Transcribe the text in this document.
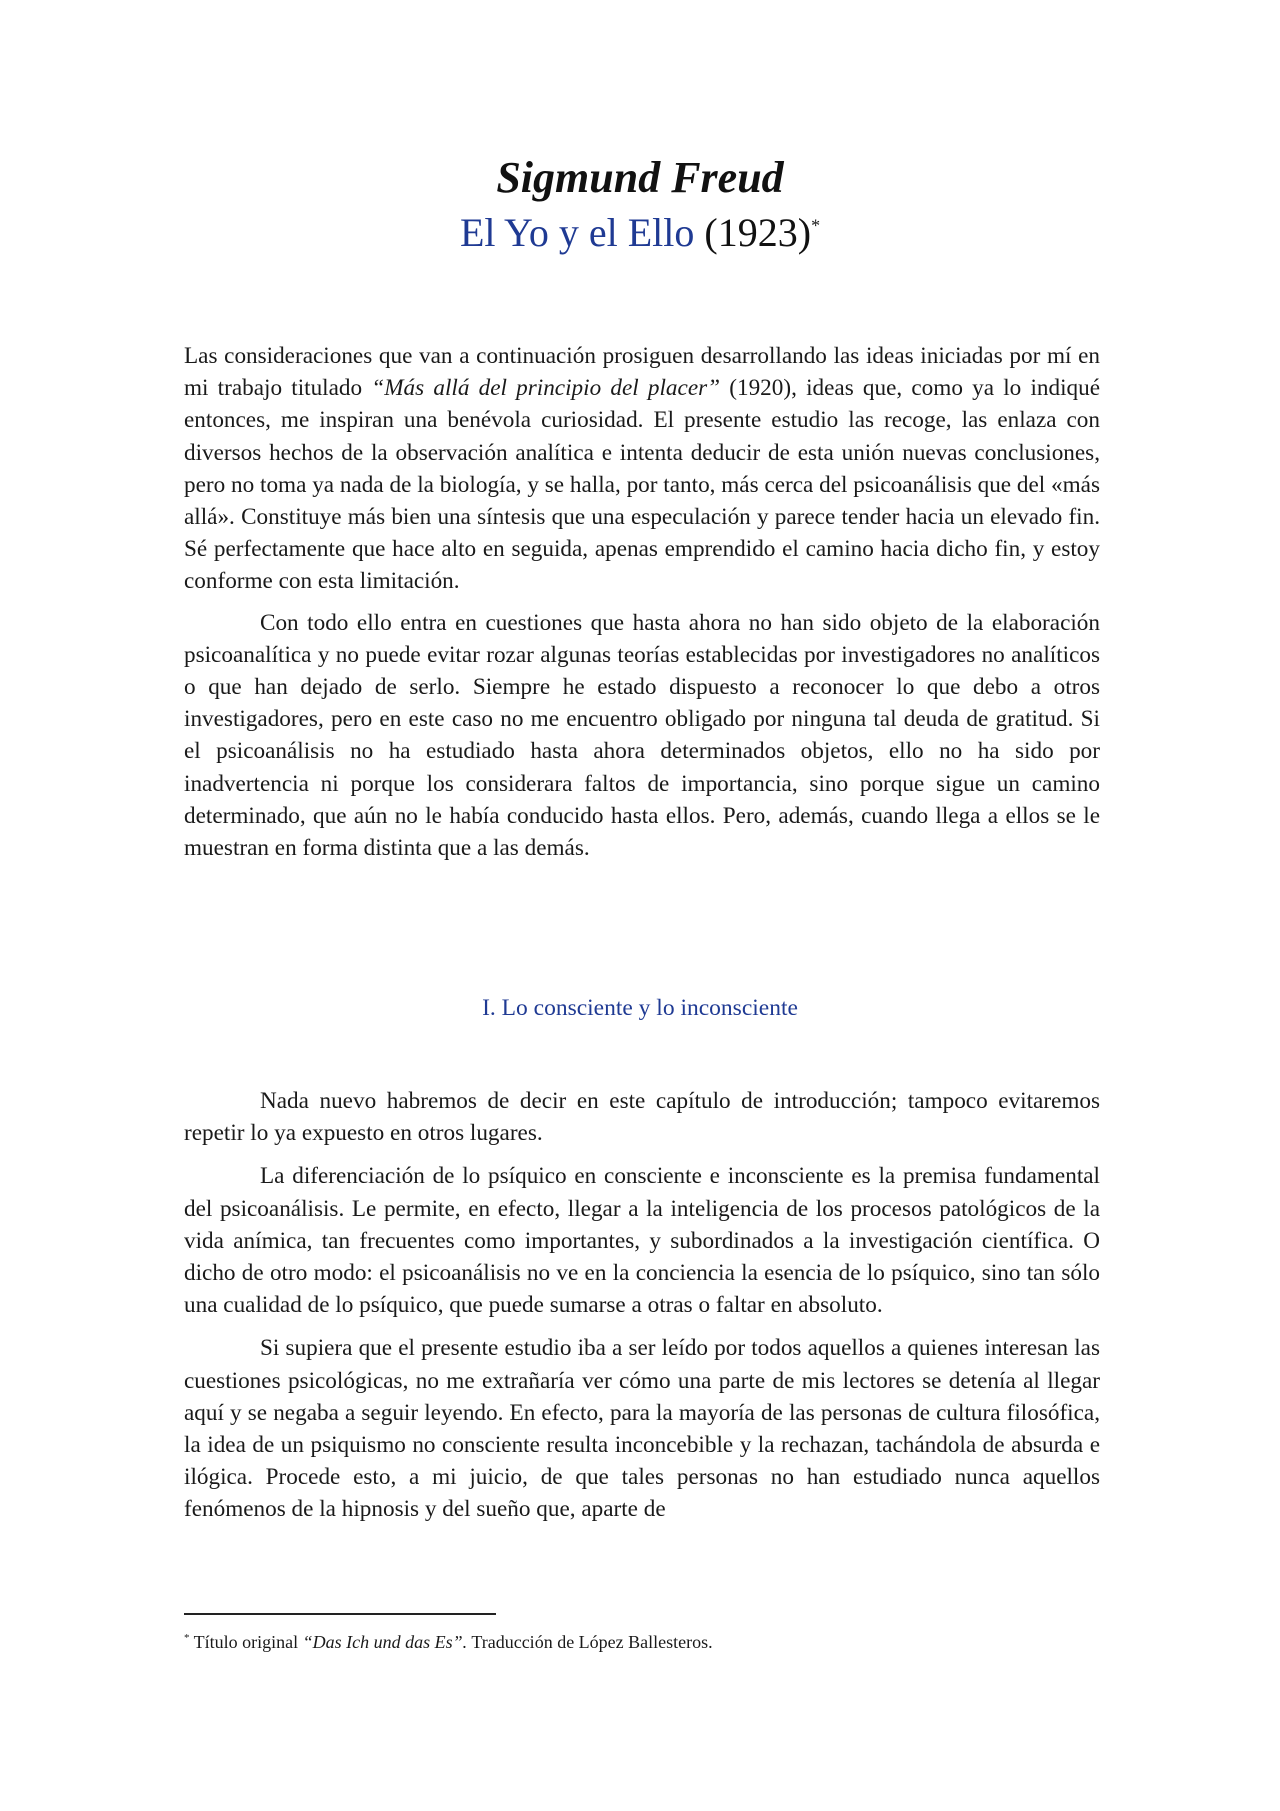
Sigmund Freud
El Yo y el Ello (1923)*

Las consideraciones que van a continuación prosiguen desarrollando las ideas iniciadas por mí en mi trabajo titulado “Más allá del principio del placer” (1920), ideas que, como ya lo indiqué entonces, me inspiran una benévola curiosidad. El presente estudio las recoge, las enlaza con diversos hechos de la observación analítica e intenta deducir de esta unión nuevas conclusiones, pero no toma ya nada de la biología, y se halla, por tanto, más cerca del psicoanálisis que del «más allá». Constituye más bien una síntesis que una especulación y parece tender hacia un elevado fin. Sé perfectamente que hace alto en seguida, apenas emprendido el camino hacia dicho fin, y estoy conforme con esta limitación.

Con todo ello entra en cuestiones que hasta ahora no han sido objeto de la elaboración psicoanalítica y no puede evitar rozar algunas teorías establecidas por investigadores no analíticos o que han dejado de serlo. Siempre he estado dispuesto a reconocer lo que debo a otros investigadores, pero en este caso no me encuentro obligado por ninguna tal deuda de gratitud. Si el psicoanálisis no ha estudiado hasta ahora determinados objetos, ello no ha sido por inadvertencia ni porque los considerara faltos de importancia, sino porque sigue un camino determinado, que aún no le había conducido hasta ellos. Pero, además, cuando llega a ellos se le muestran en forma distinta que a las demás.

I. Lo consciente y lo inconsciente

Nada nuevo habremos de decir en este capítulo de introducción; tampoco evitaremos repetir lo ya expuesto en otros lugares.

La diferenciación de lo psíquico en consciente e inconsciente es la premisa fundamental del psicoanálisis. Le permite, en efecto, llegar a la inteligencia de los procesos patológicos de la vida anímica, tan frecuentes como importantes, y subordinados a la investigación científica. O dicho de otro modo: el psicoanálisis no ve en la conciencia la esencia de lo psíquico, sino tan sólo una cualidad de lo psíquico, que puede sumarse a otras o faltar en absoluto.

Si supiera que el presente estudio iba a ser leído por todos aquellos a quienes interesan las cuestiones psicológicas, no me extrañaría ver cómo una parte de mis lectores se detenía al llegar aquí y se negaba a seguir leyendo. En efecto, para la mayoría de las personas de cultura filosófica, la idea de un psiquismo no consciente resulta inconcebible y la rechazan, tachándola de absurda e ilógica. Procede esto, a mi juicio, de que tales personas no han estudiado nunca aquellos fenómenos de la hipnosis y del sueño que, aparte de

* Título original “Das Ich und das Es”. Traducción de López Ballesteros.
